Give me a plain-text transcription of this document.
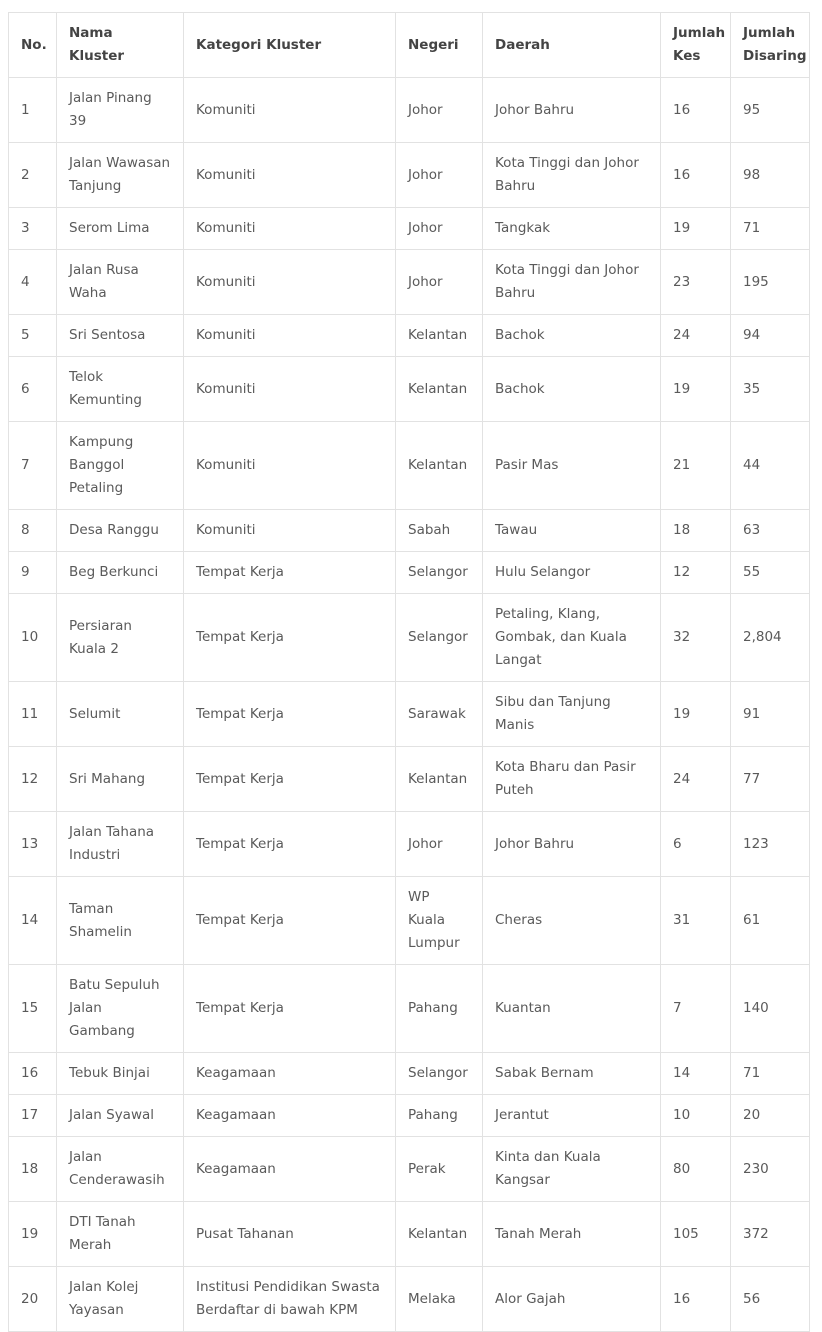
No.	Nama Kluster	Kategori Kluster	Negeri	Daerah	Jumlah Kes	Jumlah Disaring
1	Jalan Pinang 39	Komuniti	Johor	Johor Bahru	16	95
2	Jalan Wawasan Tanjung	Komuniti	Johor	Kota Tinggi dan Johor Bahru	16	98
3	Serom Lima	Komuniti	Johor	Tangkak	19	71
4	Jalan Rusa Waha	Komuniti	Johor	Kota Tinggi dan Johor Bahru	23	195
5	Sri Sentosa	Komuniti	Kelantan	Bachok	24	94
6	Telok Kemunting	Komuniti	Kelantan	Bachok	19	35
7	Kampung Banggol Petaling	Komuniti	Kelantan	Pasir Mas	21	44
8	Desa Ranggu	Komuniti	Sabah	Tawau	18	63
9	Beg Berkunci	Tempat Kerja	Selangor	Hulu Selangor	12	55
10	Persiaran Kuala 2	Tempat Kerja	Selangor	Petaling, Klang, Gombak, dan Kuala Langat	32	2,804
11	Selumit	Tempat Kerja	Sarawak	Sibu dan Tanjung Manis	19	91
12	Sri Mahang	Tempat Kerja	Kelantan	Kota Bharu dan Pasir Puteh	24	77
13	Jalan Tahana Industri	Tempat Kerja	Johor	Johor Bahru	6	123
14	Taman Shamelin	Tempat Kerja	WP Kuala Lumpur	Cheras	31	61
15	Batu Sepuluh Jalan Gambang	Tempat Kerja	Pahang	Kuantan	7	140
16	Tebuk Binjai	Keagamaan	Selangor	Sabak Bernam	14	71
17	Jalan Syawal	Keagamaan	Pahang	Jerantut	10	20
18	Jalan Cenderawasih	Keagamaan	Perak	Kinta dan Kuala Kangsar	80	230
19	DTI Tanah Merah	Pusat Tahanan	Kelantan	Tanah Merah	105	372
20	Jalan Kolej Yayasan	Institusi Pendidikan Swasta Berdaftar di bawah KPM	Melaka	Alor Gajah	16	56
